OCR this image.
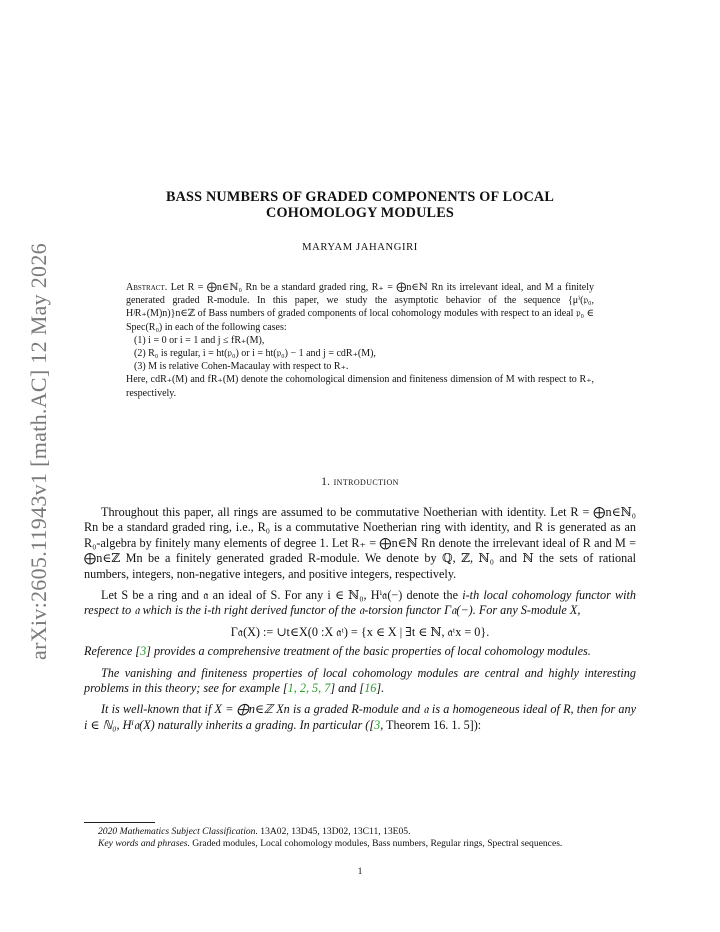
arXiv:2605.11943v1 [math.AC] 12 May 2026
BASS NUMBERS OF GRADED COMPONENTS OF LOCAL
COHOMOLOGY MODULES
MARYAM JAHANGIRI
Abstract. Let R = ⨁n∈ℕ₀ Rn be a standard graded ring, R₊ = ⨁n∈ℕ Rn its irrelevant ideal, and M a finitely generated graded R-module. In this paper, we study the asymptotic behavior of the sequence {μⁱ(𝔭₀, HʲR₊(M)n)}n∈ℤ of Bass numbers of graded components of local cohomology modules with respect to an ideal 𝔭₀ ∈ Spec(R₀) in each of the following cases:
(1) i = 0 or i = 1 and j ≤ fR₊(M),
(2) R₀ is regular, i = ht(𝔭₀) or i = ht(𝔭₀) − 1 and j = cdR₊(M),
(3) M is relative Cohen-Macaulay with respect to R₊.
Here, cdR₊(M) and fR₊(M) denote the cohomological dimension and finiteness dimension of M with respect to R₊, respectively.
1. introduction

Throughout this paper, all rings are assumed to be commutative Noetherian with identity. Let R = ⨁n∈ℕ₀ Rn be a standard graded ring, i.e., R₀ is a commutative Noetherian ring with identity, and R is generated as an R₀-algebra by finitely many elements of degree 1. Let R₊ = ⨁n∈ℕ Rn denote the irrelevant ideal of R and M = ⨁n∈ℤ Mn be a finitely generated graded R-module. We denote by ℚ, ℤ, ℕ₀ and ℕ the sets of rational numbers, integers, non-negative integers, and positive integers, respectively.

Let S be a ring and 𝔞 an ideal of S. For any i ∈ ℕ₀, Hⁱ𝔞(−) denote the i-th local cohomology functor with respect to 𝔞 which is the i-th right derived functor of the 𝔞-torsion functor Γ𝔞(−). For any S-module X,

Γ𝔞(X) := ∪t∈X(0 :X 𝔞ᵗ) = {x ∈ X | ∃t ∈ ℕ, 𝔞ᵗx = 0}.

Reference [3] provides a comprehensive treatment of the basic properties of local cohomology modules.

The vanishing and finiteness properties of local cohomology modules are central and highly interesting problems in this theory; see for example [1, 2, 5, 7] and [16].

It is well-known that if X = ⨁n∈ℤ Xn is a graded R-module and 𝔞 is a homogeneous ideal of R, then for any i ∈ ℕ₀, Hⁱ𝔞(X) naturally inherits a grading. In particular ([3, Theorem 16. 1. 5]):

2020 Mathematics Subject Classification. 13A02, 13D45, 13D02, 13C11, 13E05.

Key words and phrases. Graded modules, Local cohomology modules, Bass numbers, Regular rings, Spectral sequences.

1
